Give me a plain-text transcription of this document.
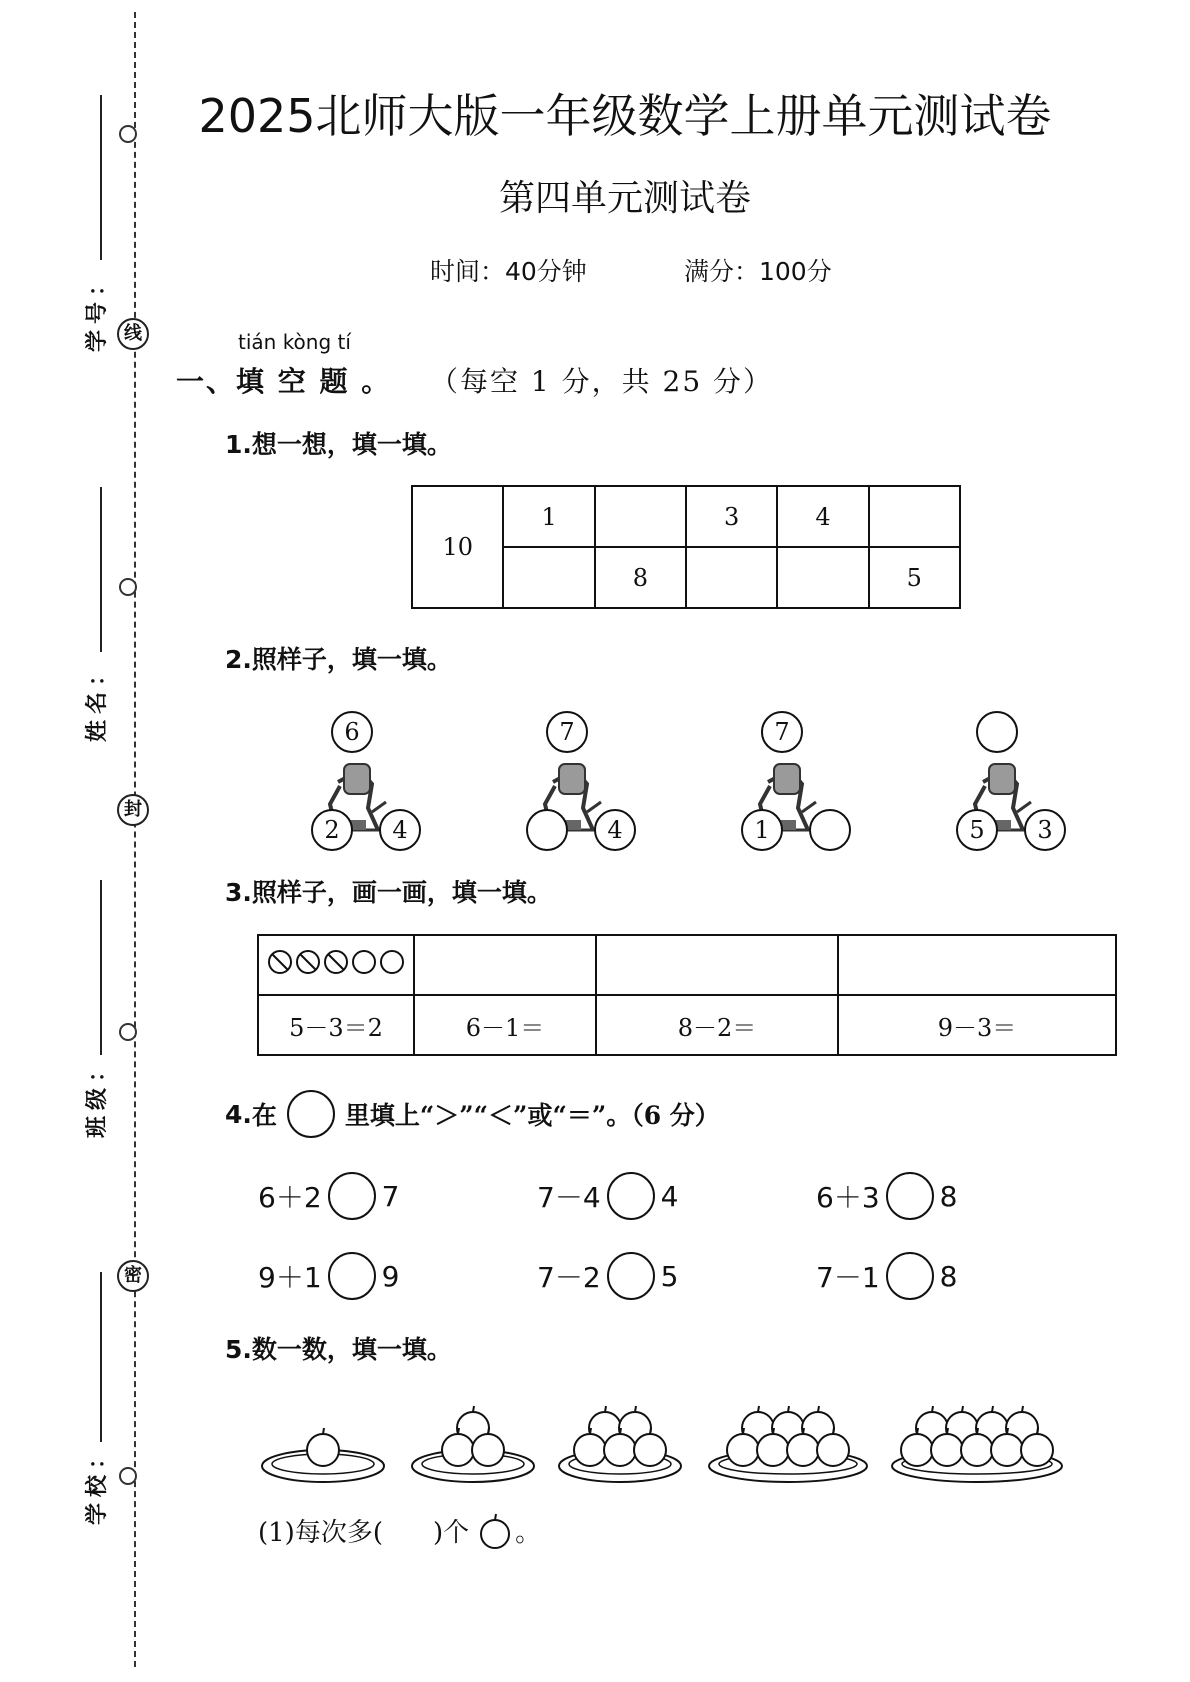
线
封
密
学号：
姓名：
班级：
学校：
2025北师大版一年级数学上册单元测试卷
第四单元测试卷
时间：40分钟	满分：100分
tián kòng tí
一、填 空 题 。 （每空 1 分，共 25 分）
1.想一想，填一填。
10	1		3	4	
		8			5
2.照样子，填一填。
6
2	4
7
4
7
1	5	3
3.照样子，画一画，填一填。

5－3＝2	6－1＝	8－2＝	9－3＝
4. 在	里填上“＞”“＜”或“＝”。（6 分）
6＋2 7	7－4 4	6＋3 8
9＋1 9	7－2 5	7－1 8
5.数一数，填一填。
(1)每次多( )个 。
